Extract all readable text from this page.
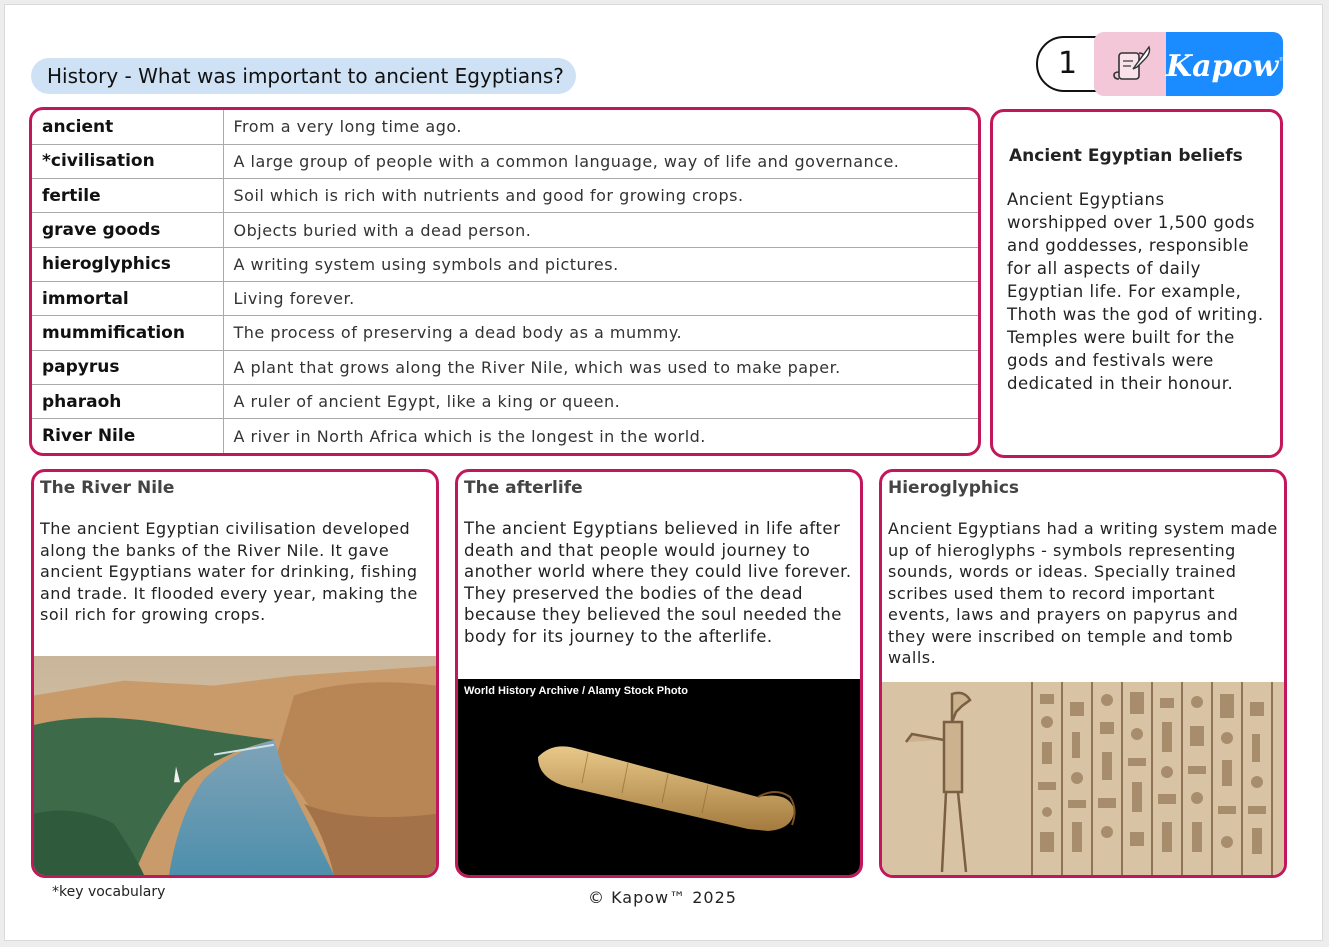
History - What was important to ancient Egyptians?	1	Kapow™
ancient	From a very long time ago.
*civilisation	A large group of people with a common language, way of life and governance.
fertile	Soil which is rich with nutrients and good for growing crops.
grave goods	Objects buried with a dead person.
hieroglyphics	A writing system using symbols and pictures.
immortal	Living forever.
mummification	The process of preserving a dead body as a mummy.
papyrus	A plant that grows along the River Nile, which was used to make paper.
pharaoh	A ruler of ancient Egypt, like a king or queen.
River Nile	A river in North Africa which is the longest in the world.
Ancient Egyptian beliefs

Ancient Egyptians worshipped over 1,500 gods and goddesses, responsible for all aspects of daily Egyptian life. For example, Thoth was the god of writing. Temples were built for the gods and festivals were dedicated in their honour.

The River Nile

The ancient Egyptian civilisation developed along the banks of the River Nile. It gave ancient Egyptians water for drinking, fishing and trade. It flooded every year, making the soil rich for growing crops.

The afterlife

The ancient Egyptians believed in life after death and that people would journey to another world where they could live forever. They preserved the bodies of the dead because they believed the soul needed the body for its journey to the afterlife.

World History Archive / Alamy Stock Photo
Hieroglyphics

Ancient Egyptians had a writing system made up of hieroglyphs - symbols representing sounds, words or ideas. Specially trained scribes used them to record important events, laws and prayers on papyrus and they were inscribed on temple and tomb walls.

*key vocabulary	© Kapow™ 2025
